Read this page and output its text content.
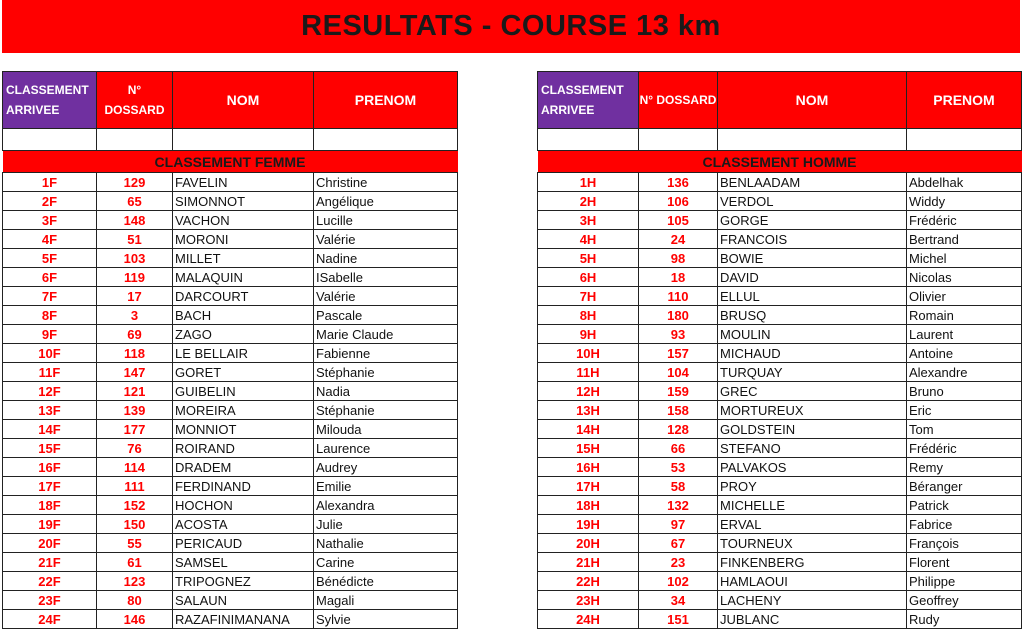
RESULTATS - COURSE 13 km
CLASSEMENT ARRIVEE	N° DOSSARD	NOM	PRENOM

CLASSEMENT FEMME			
1F	129	FAVELIN	Christine
2F	65	SIMONNOT	Angélique
3F	148	VACHON	Lucille
4F	51	MORONI	Valérie
5F	103	MILLET	Nadine
6F	119	MALAQUIN	ISabelle
7F	17	DARCOURT	Valérie
8F	3	BACH	Pascale
9F	69	ZAGO	Marie Claude
10F	118	LE BELLAIR	Fabienne
11F	147	GORET	Stéphanie
12F	121	GUIBELIN	Nadia
13F	139	MOREIRA	Stéphanie
14F	177	MONNIOT	Milouda
15F	76	ROIRAND	Laurence
16F	114	DRADEM	Audrey
17F	111	FERDINAND	Emilie
18F	152	HOCHON	Alexandra
19F	150	ACOSTA	Julie
20F	55	PERICAUD	Nathalie
21F	61	SAMSEL	Carine
22F	123	TRIPOGNEZ	Bénédicte
23F	80	SALAUN	Magali
24F	146	RAZAFINIMANANA	Sylvie
CLASSEMENT ARRIVEE	N° DOSSARD	NOM	PRENOM

CLASSEMENT HOMME			
1H	136	BENLAADAM	Abdelhak
2H	106	VERDOL	Widdy
3H	105	GORGE	Frédéric
4H	24	FRANCOIS	Bertrand
5H	98	BOWIE	Michel
6H	18	DAVID	Nicolas
7H	110	ELLUL	Olivier
8H	180	BRUSQ	Romain
9H	93	MOULIN	Laurent
10H	157	MICHAUD	Antoine
11H	104	TURQUAY	Alexandre
12H	159	GREC	Bruno
13H	158	MORTUREUX	Eric
14H	128	GOLDSTEIN	Tom
15H	66	STEFANO	Frédéric
16H	53	PALVAKOS	Remy
17H	58	PROY	Béranger
18H	132	MICHELLE	Patrick
19H	97	ERVAL	Fabrice
20H	67	TOURNEUX	François
21H	23	FINKENBERG	Florent
22H	102	HAMLAOUI	Philippe
23H	34	LACHENY	Geoffrey
24H	151	JUBLANC	Rudy
